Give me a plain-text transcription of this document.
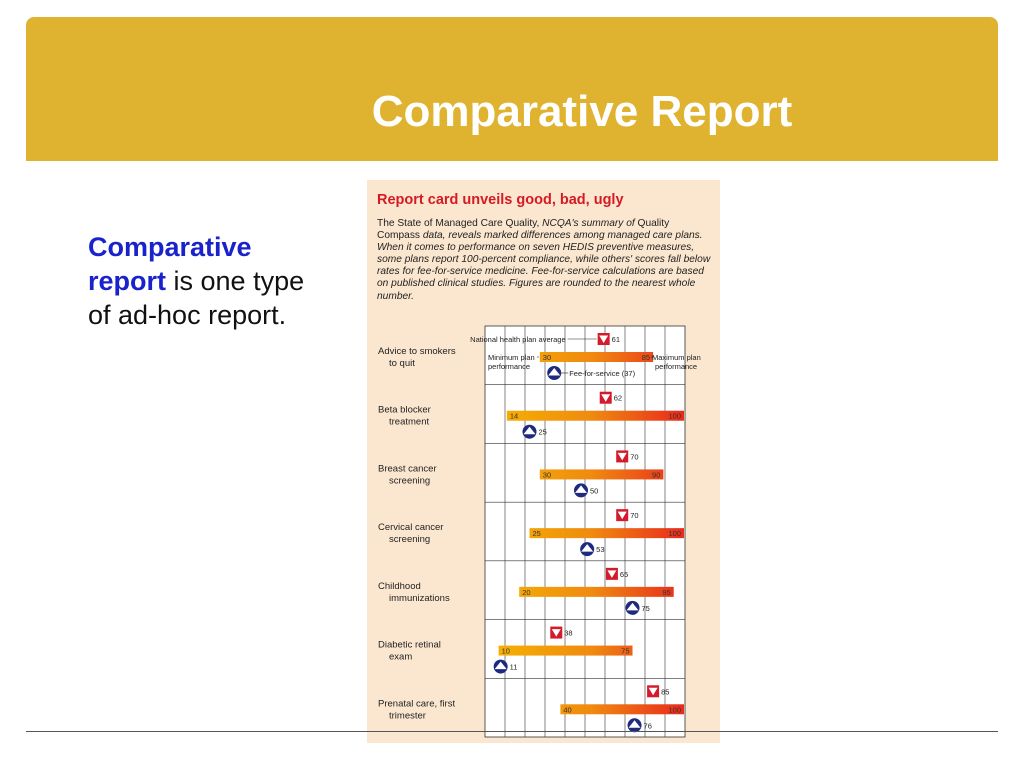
Comparative Report
Comparative report is one type of ad-hoc report.
Report card unveils good, bad, ugly
The State of Managed Care Quality, NCQA's summary of Quality Compass data, reveals marked differences among managed care plans. When it comes to performance on seven HEDIS preventive measures, some plans report 100-percent compliance, while others' scores fall below rates for fee-for-service medicine. Fee-for-service calculations are based on published clinical studies. Figures are rounded to the nearest whole number.
Advice to smokers
to quit
30	85
61
Beta blocker
treatment
14	100
62
25
Breast cancer
screening
30	90
70
50
Cervical cancer
screening
25	100
70
53
Childhood
immunizations
20	95
65
75
Diabetic retinal
exam
10	75
38
11
Prenatal care, first
trimester
40	100
85
76
National health plan average
Minimum plan
performance
Maximum plan
performance
Fee-for-service (37)
